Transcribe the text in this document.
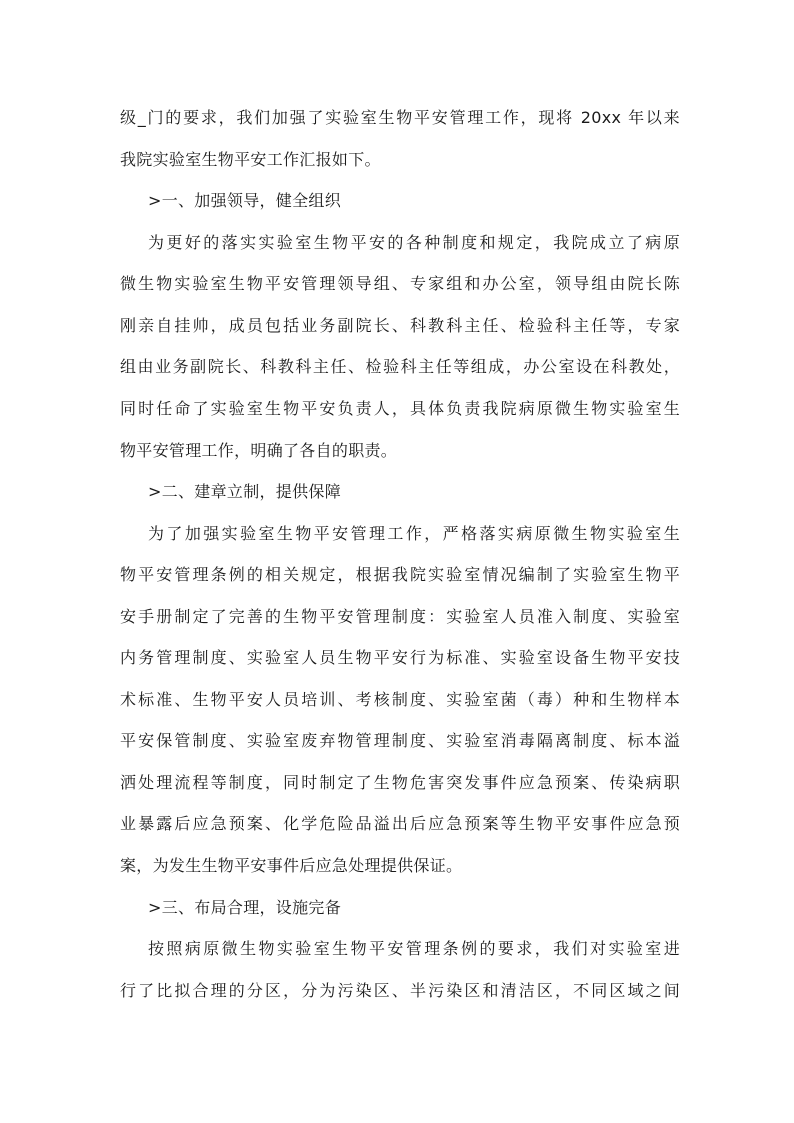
级_门的要求，我们加强了实验室生物平安管理工作，现将 20xx 年以来
我院实验室生物平安工作汇报如下。
>一、加强领导，健全组织
为更好的落实实验室生物平安的各种制度和规定，我院成立了病原
微生物实验室生物平安管理领导组、专家组和办公室，领导组由院长陈
刚亲自挂帅，成员包括业务副院长、科教科主任、检验科主任等，专家
组由业务副院长、科教科主任、检验科主任等组成，办公室设在科教处，
同时任命了实验室生物平安负责人，具体负责我院病原微生物实验室生
物平安管理工作，明确了各自的职责。
>二、建章立制，提供保障
为了加强实验室生物平安管理工作，严格落实病原微生物实验室生
物平安管理条例的相关规定，根据我院实验室情况编制了实验室生物平
安手册制定了完善的生物平安管理制度：实验室人员准入制度、实验室
内务管理制度、实验室人员生物平安行为标准、实验室设备生物平安技
术标准、生物平安人员培训、考核制度、实验室菌（毒）种和生物样本
平安保管制度、实验室废弃物管理制度、实验室消毒隔离制度、标本溢
洒处理流程等制度，同时制定了生物危害突发事件应急预案、传染病职
业暴露后应急预案、化学危险品溢出后应急预案等生物平安事件应急预
案，为发生生物平安事件后应急处理提供保证。
>三、布局合理，设施完备
按照病原微生物实验室生物平安管理条例的要求，我们对实验室进
行了比拟合理的分区，分为污染区、半污染区和清洁区，不同区域之间
